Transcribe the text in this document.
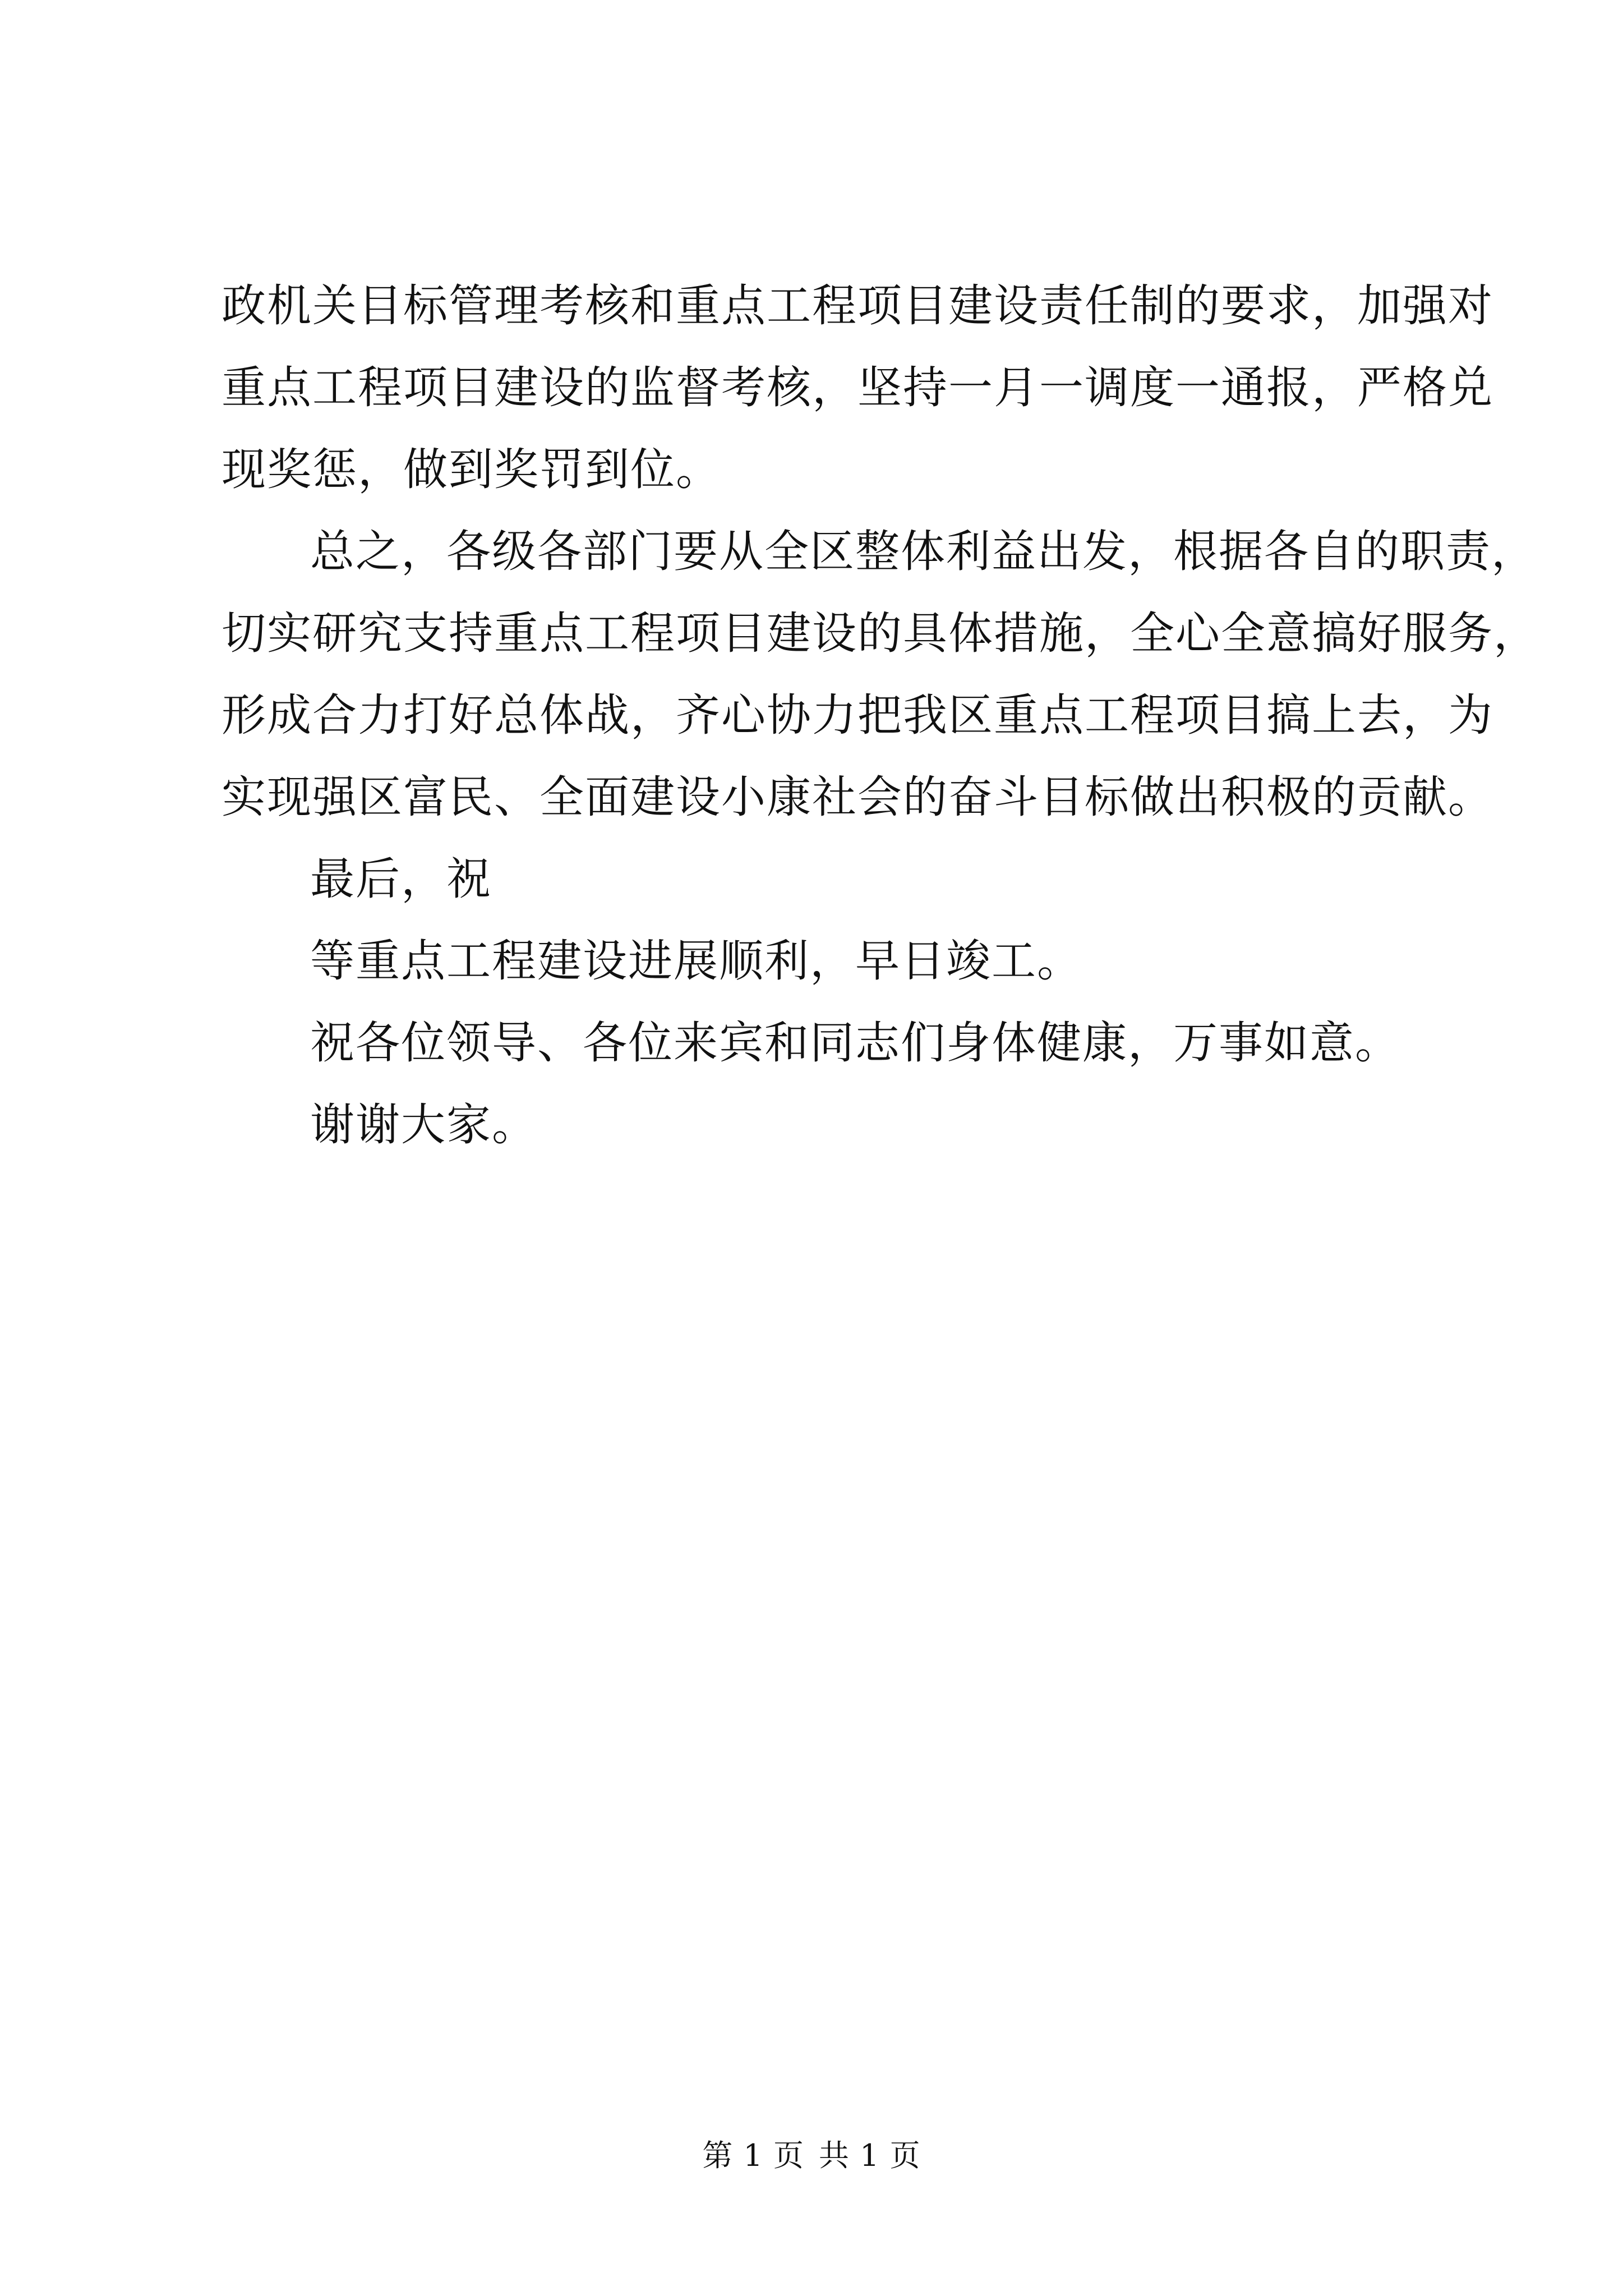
政机关目标管理考核和重点工程项目建设责任制的要求，加强对
重点工程项目建设的监督考核，坚持一月一调度一通报，严格兑
现奖惩，做到奖罚到位。
总之，各级各部门要从全区整体利益出发，根据各自的职责，
切实研究支持重点工程项目建设的具体措施，全心全意搞好服务，
形成合力打好总体战，齐心协力把我区重点工程项目搞上去，为
实现强区富民、全面建设小康社会的奋斗目标做出积极的贡献。
最后，祝
等重点工程建设进展顺利，早日竣工。
祝各位领导、各位来宾和同志们身体健康，万事如意。
谢谢大家。
第 1 页 共 1 页
